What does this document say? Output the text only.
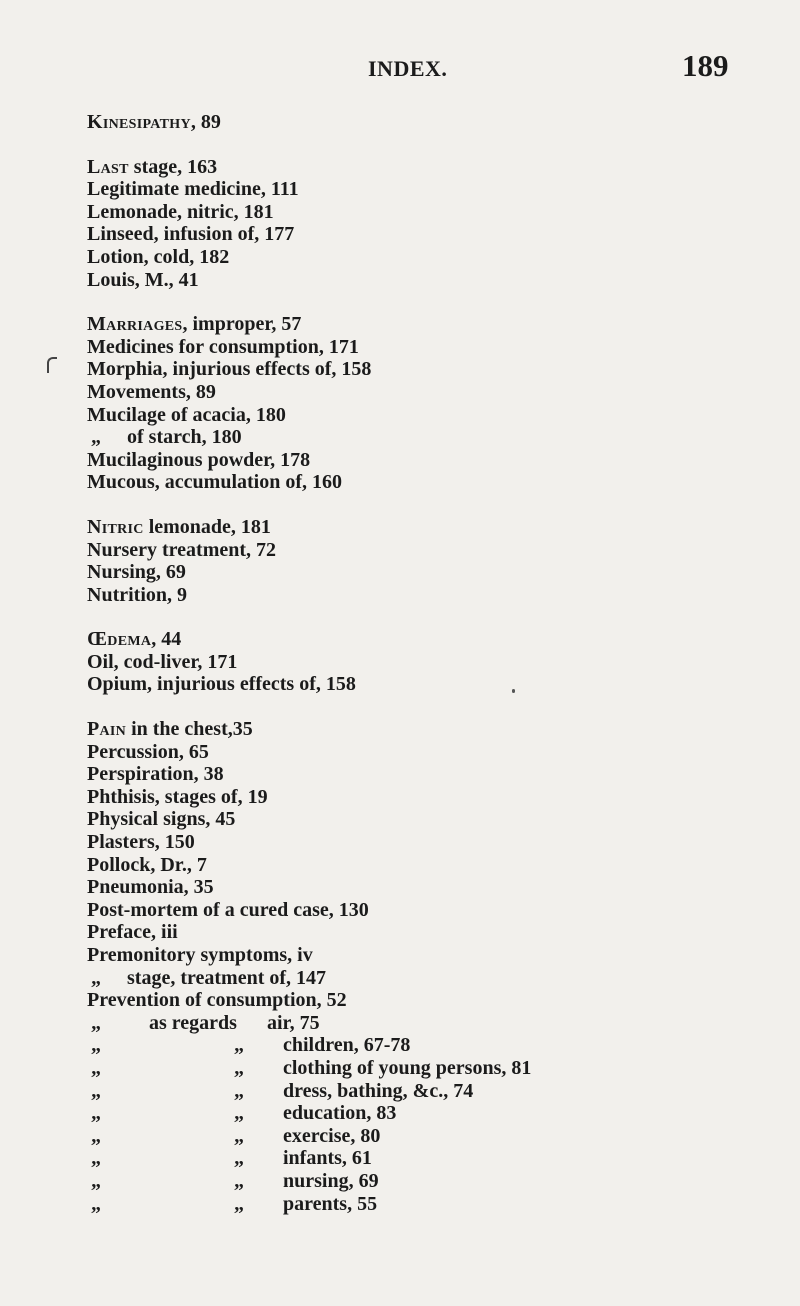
INDEX.	189
Kinesipathy, 89
Last stage, 163
Legitimate medicine, 111
Lemonade, nitric, 181
Linseed, infusion of, 177
Lotion, cold, 182
Louis, M., 41
Marriages, improper, 57
Medicines for consumption, 171
Morphia, injurious effects of, 158
Movements, 89
Mucilage of acacia, 180
„ of starch, 180
Mucilaginous powder, 178
Mucous, accumulation of, 160
Nitric lemonade, 181
Nursery treatment, 72
Nursing, 69
Nutrition, 9
Œdema, 44
Oil, cod-liver, 171
Opium, injurious effects of, 158
Pain in the chest,35
Percussion, 65
Perspiration, 38
Phthisis, stages of, 19
Physical signs, 45
Plasters, 150
Pollock, Dr., 7
Pneumonia, 35
Post-mortem of a cured case, 130
Preface, iii
Premonitory symptoms, iv
„ stage, treatment of, 147
Prevention of consumption, 52
„ as regards air, 75
„	„ children, 67-78
„	„ clothing of young persons, 81
„	„ dress, bathing, &c., 74
„	„ education, 83
„	„ exercise, 80
„	„ infants, 61
„	„ nursing, 69
„	„ parents, 55
